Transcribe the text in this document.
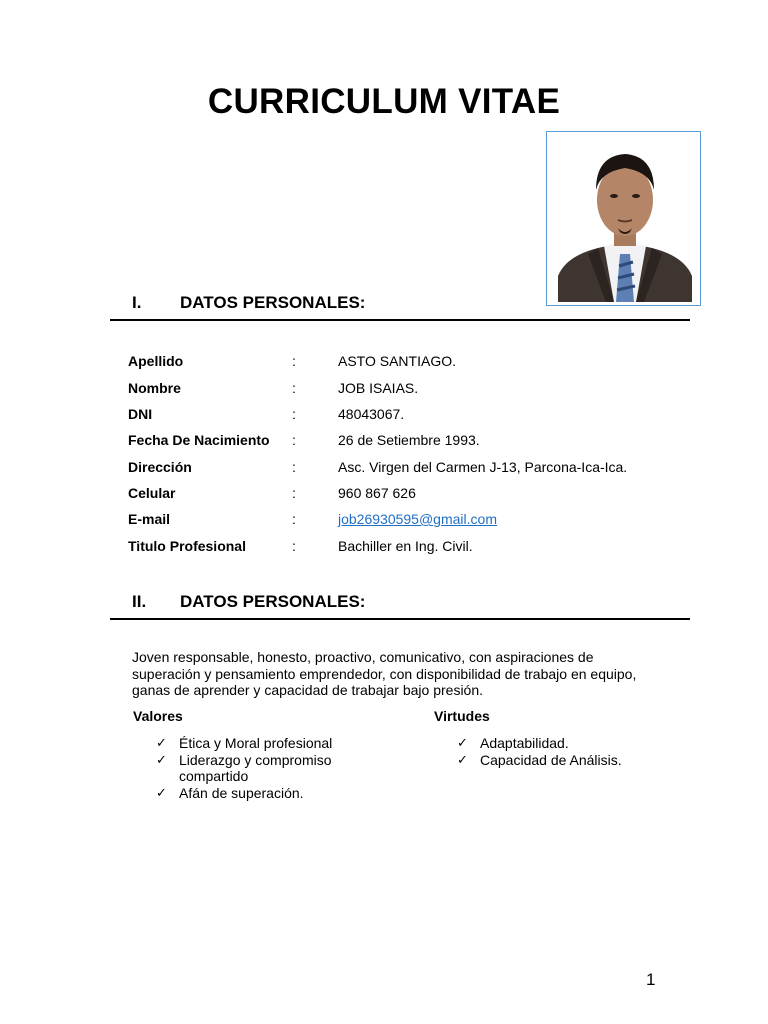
CURRICULUM VITAE
I. DATOS PERSONALES:
Apellido	:	ASTO SANTIAGO.
Nombre	:	JOB ISAIAS.
DNI	:	48043067.
Fecha De Nacimiento :	26 de Setiembre 1993.
Dirección	:	Asc. Virgen del Carmen J-13, Parcona-Ica-Ica.
Celular	:	960 867 626
E-mail	:	job26930595@gmail.com
Titulo Profesional	:	Bachiller en Ing. Civil.
II. DATOS PERSONALES:
Joven responsable, honesto, proactivo, comunicativo, con aspiraciones de superación y pensamiento emprendedor, con disponibilidad de trabajo en equipo, ganas de aprender y capacidad de trabajar bajo presión.
Valores	Virtudes
✓ Ética y Moral profesional
✓ Liderazgo y compromiso compartido
✓ Afán de superación.
✓ Adaptabilidad.
✓ Capacidad de Análisis.
1
